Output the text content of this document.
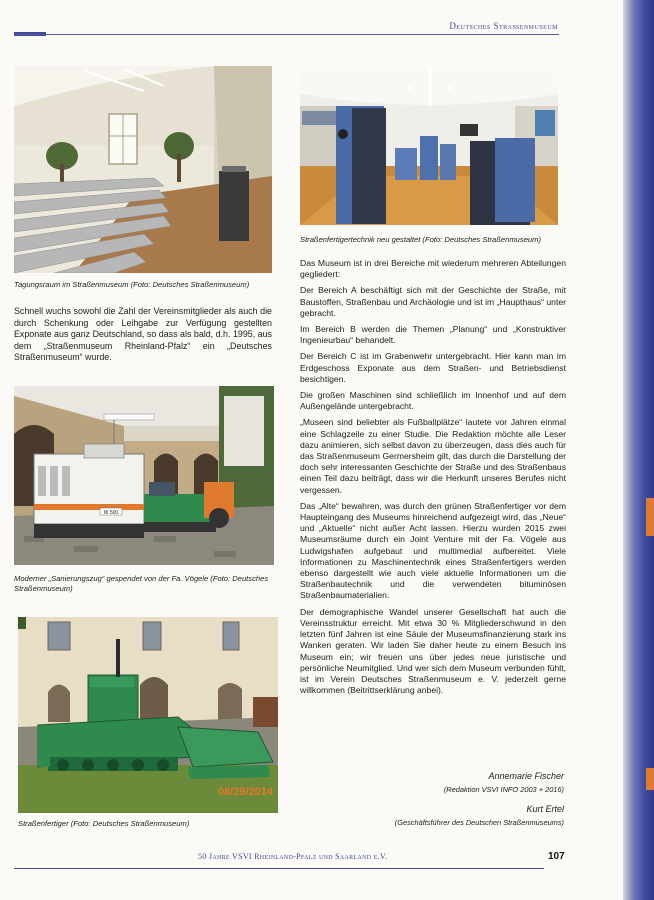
Deutsches Straßenmuseum
Tagungsraum im Straßenmuseum (Foto: Deutsches Straßenmuseum)
Straßenfertigertechnik neu gestaltet (Foto: Deutsches Straßenmuseum)

Schnell wuchs sowohl die Zahl der Vereinsmitglieder als auch die durch Schenkung oder Leihgabe zur Verfügung gestellten Exponate aus ganz Deutschland, so dass als bald, d.h. 1995, aus dem „Straßenmuseum Rheinland-Pfalz“ ein „Deutsches Straßenmuseum“ wurde.

W 500
Moderner „Sanierungszug“ gespendet von der Fa. Vögele (Foto: Deutsches Straßenmuseum)
08/29/2014
Straßenfertiger (Foto: Deutsches Straßenmuseum)

Das Museum ist in drei Bereiche mit wiederum mehreren Abteilungen gegliedert:

Der Bereich A beschäftigt sich mit der Geschichte der Straße, mit Baustoffen, Straßenbau und Archäologie und ist im „Haupthaus“ unter gebracht.

Im Bereich B werden die Themen „Planung“ und „Konstruktiver Ingenieurbau“ behandelt.

Der Bereich C ist im Grabenwehr untergebracht. Hier kann man im Erdgeschoss Exponate aus dem Straßen- und Betriebsdienst besichtigen.

Die großen Maschinen sind schließlich im Innenhof und auf dem Außengelände untergebracht.

„Museen sind beliebter als Fußballplätze“ lautete vor Jahren einmal eine Schlagzeile zu einer Studie. Die Redaktion möchte alle Leser dazu animieren, sich selbst davon zu überzeugen, dass dies auch für das Straßenmuseum Germersheim gilt, das durch die Darstellung der doch sehr interessanten Geschichte der Straße und des Straßenbaus einen Teil dazu beiträgt, dass wir die Herkunft unseres Berufes nicht vergessen.

Das „Alte“ bewahren, was durch den grünen Straßenfertiger vor dem Haupteingang des Museums hinreichend aufgezeigt wird, das „Neue“ und „Aktuelle“ nicht außer Acht lassen. Hierzu wurden 2015 zwei Museumsräume durch ein Joint Venture mit der Fa. Vögele aus Ludwigshafen aufgebaut und multimedial aufbereitet. Viele Informationen zu Maschinentechnik eines Straßenfertigers werden ebenso dargestellt wie auch viele aktuelle Informationen um die Straßenbautechnik und die verwendeten bituminösen Straßenbaumaterialien.

Der demographische Wandel unserer Gesellschaft hat auch die Vereinsstruktur erreicht. Mit etwa 30 % Mitgliederschwund in den letzten fünf Jahren ist eine Säule der Museumsfinanzierung stark ins Wanken geraten. Wir laden Sie daher heute zu einem Besuch ins Museum ein; wir freuen uns über jedes neue juristische und persönliche Neumitglied. Und wer sich dem Museum verbunden fühlt, ist im Verein Deutsches Straßenmuseum e. V. jederzeit gerne willkommen (Beitrittserklärung anbei).

Annemarie Fischer
(Redaktion VSVI INFO 2003 + 2016)
Kurt Ertel
(Geschäftsführer des Deutschen Straßenmuseums)
50 Jahre VSVI Rheinland-Pfalz und Saarland e.V.	107
